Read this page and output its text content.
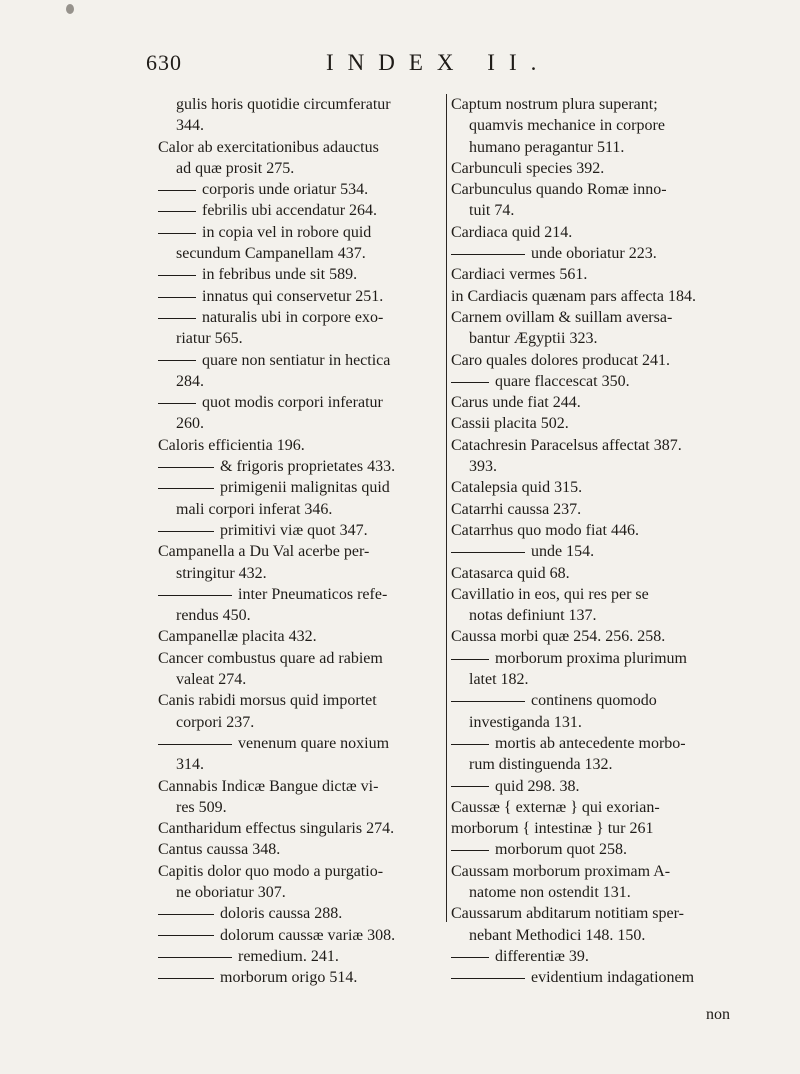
630	INDEX II.
gulis horis quotidie circumferatur
344.
Calor ab exercitationibus adauctus
ad quæ prosit 275.
corporis unde oriatur 534.
febrilis ubi accendatur 264.
in copia vel in robore quid
secundum Campanellam 437.
in febribus unde sit 589.
innatus qui conservetur 251.
naturalis ubi in corpore exo-
riatur 565.
quare non sentiatur in hectica
284.
quot modis corpori inferatur
260.
Caloris efficientia 196.
& frigoris proprietates 433.
primigenii malignitas quid
mali corpori inferat 346.
primitivi viæ quot 347.
Campanella a Du Val acerbe per-
stringitur 432.
inter Pneumaticos refe-
rendus 450.
Campanellæ placita 432.
Cancer combustus quare ad rabiem
valeat 274.
Canis rabidi morsus quid importet
corpori 237.
venenum quare noxium
314.
Cannabis Indicæ Bangue dictæ vi-
res 509.
Cantharidum effectus singularis 274.
Cantus caussa 348.
Capitis dolor quo modo a purgatio-
ne oboriatur 307.
doloris caussa 288.
dolorum caussæ variæ 308.
remedium. 241.
morborum origo 514.
Captum nostrum plura superant;
quamvis mechanice in corpore
humano peragantur 511.
Carbunculi species 392.
Carbunculus quando Romæ inno-
tuit 74.
Cardiaca quid 214.
unde oboriatur 223.
Cardiaci vermes 561.
in Cardiacis quænam pars affecta 184.
Carnem ovillam & suillam aversa-
bantur Ægyptii 323.
Caro quales dolores producat 241.
quare flaccescat 350.
Carus unde fiat 244.
Cassii placita 502.
Catachresin Paracelsus affectat 387.
393.
Catalepsia quid 315.
Catarrhi caussa 237.
Catarrhus quo modo fiat 446.
unde 154.
Catasarca quid 68.
Cavillatio in eos, qui res per se
notas definiunt 137.
Caussa morbi quæ 254. 256. 258.
morborum proxima plurimum
latet 182.
continens quomodo
investiganda 131.
mortis ab antecedente morbo-
rum distinguenda 132.
quid 298. 38.
Caussæ { externæ } qui exorian-
morborum { intestinæ } tur 261
morborum quot 258.
Caussam morborum proximam A-
natome non ostendit 131.
Caussarum abditarum notitiam sper-
nebant Methodici 148. 150.
differentiæ 39.
evidentium indagationem
non
